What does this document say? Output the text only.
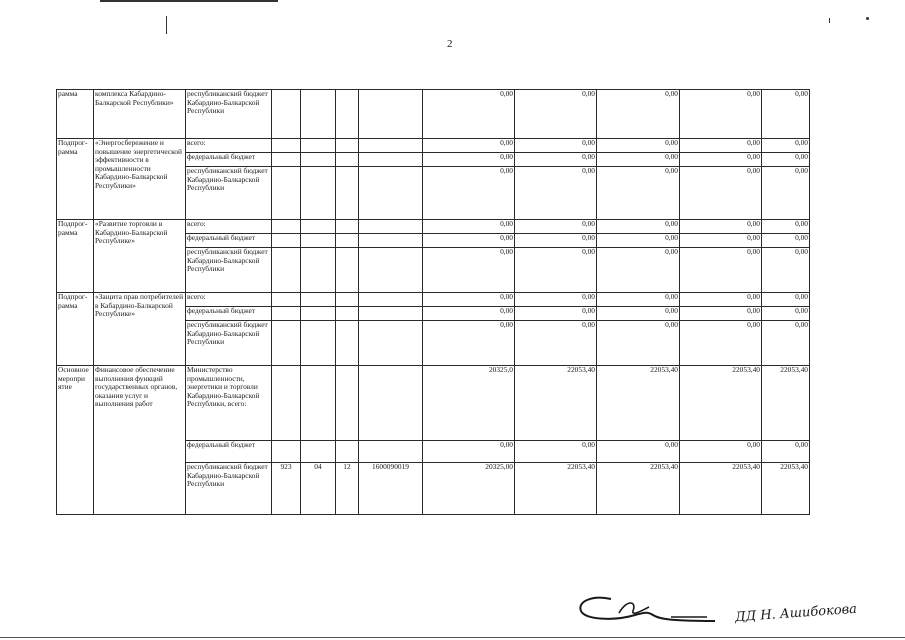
2
рамма	комплекса Кабардино-Балкарской Республики»	республиканский бюджет Кабардино-Балкарской Республики					0,00	0,00	0,00	0,00	0,00
Подпрог-рамма	«Энергосбережение и повышение энергетической эффективности в промышленности Кабардино-Балкарской Республики»	всего:					0,00	0,00	0,00	0,00	0,00
		федеральный бюджет					0,00	0,00	0,00	0,00	0,00
		республиканский бюджет Кабардино-Балкарской Республики					0,00	0,00	0,00	0,00	0,00
Подпрог-рамма	«Развитие торговли в Кабардино-Балкарской Республике»	всего:					0,00	0,00	0,00	0,00	0,00
		федеральный бюджет					0,00	0,00	0,00	0,00	0,00
		республиканский бюджет Кабардино-Балкарской Республики					0,00	0,00	0,00	0,00	0,00
Подпрог-рамма	«Защита прав потребителей в Кабардино-Балкарской Республике»	всего:					0,00	0,00	0,00	0,00	0,00
		федеральный бюджет					0,00	0,00	0,00	0,00	0,00
		республиканский бюджет Кабардино-Балкарской Республики					0,00	0,00	0,00	0,00	0,00
Основное меропри ятие	Финансовое обеспечение выполнения функций государственных органов, оказания услуг и выполнения работ	Министерство промышленности, энергетики и торговли Кабардино-Балкарской Республики, всего:					20325,0	22053,40	22053,40	22053,40	22053,40
		федеральный бюджет					0,00	0,00	0,00	0,00	0,00
		республиканский бюджет Кабардино-Балкарской Республики	923	04	12	1600090019	20325,00	22053,40	22053,40	22053,40	22053,40
ДД Н. Ашибокова
